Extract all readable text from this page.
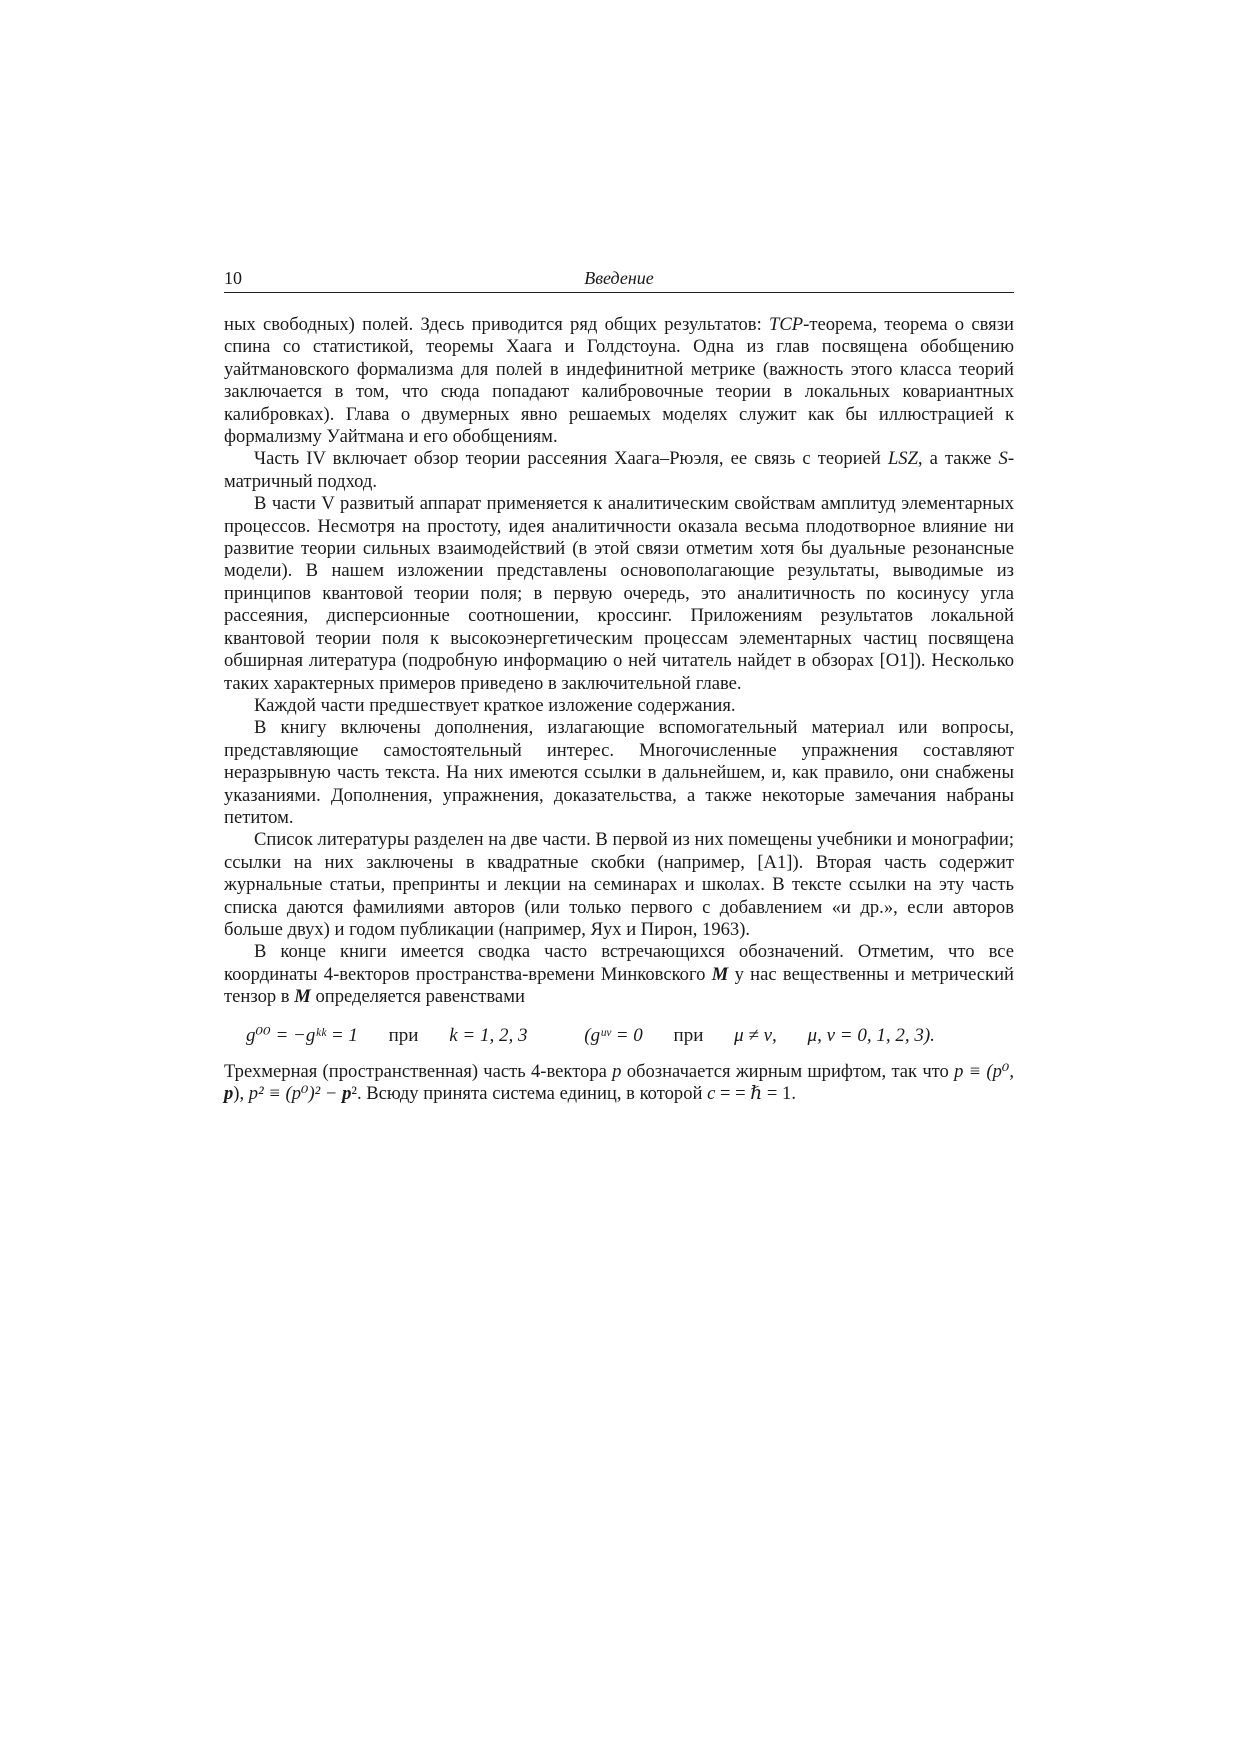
10	Введение

ных свободных) полей. Здесь приводится ряд общих результатов: TCP-теорема, теорема о связи спина со статистикой, теоремы Хаага и Голдстоуна. Одна из глав посвящена обобщению уайтмановского формализма для полей в индефинитной метрике (важность этого класса теорий заключается в том, что сюда попадают калибровочные теории в локальных ковариантных калибровках). Глава о двумерных явно решаемых моделях служит как бы иллюстрацией к формализму Уайтмана и его обобщениям.

Часть IV включает обзор теории рассеяния Хаага–Рюэля, ее связь с теорией LSZ, а также S-матричный подход.

В части V развитый аппарат применяется к аналитическим свойствам амплитуд элементарных процессов. Несмотря на простоту, идея аналитичности оказала весьма плодотворное влияние ни развитие теории сильных взаимодействий (в этой связи отметим хотя бы дуальные резонансные модели). В нашем изложении представлены основополагающие результаты, выводимые из принципов квантовой теории поля; в первую очередь, это аналитичность по косинусу угла рассеяния, дисперсионные соотношении, кроссинг. Приложениям результатов локальной квантовой теории поля к высокоэнергетическим процессам элементарных частиц посвящена обширная литература (подробную информацию о ней читатель найдет в обзорах [O1]). Несколько таких характерных примеров приведено в заключительной главе.

Каждой части предшествует краткое изложение содержания.

В книгу включены дополнения, излагающие вспомогательный материал или вопросы, представляющие самостоятельный интерес. Многочисленные упражнения составляют неразрывную часть текста. На них имеются ссылки в дальнейшем, и, как правило, они снабжены указаниями. Дополнения, упражнения, доказательства, а также некоторые замечания набраны петитом.

Список литературы разделен на две части. В первой из них помещены учебники и монографии; ссылки на них заключены в квадратные скобки (например, [A1]). Вторая часть содержит журнальные статьи, препринты и лекции на семинарах и школах. В тексте ссылки на эту часть списка даются фамилиями авторов (или только первого с добавлением «и др.», если авторов больше двух) и годом публикации (например, Яух и Пирон, 1963).

В конце книги имеется сводка часто встречающихся обозначений. Отметим, что все координаты 4-векторов пространства-времени Минковского M у нас вещественны и метрический тензор в M определяется равенствами

g⁰⁰ = −gᵏᵏ = 1 при k = 1, 2, 3	(gᵘᵛ = 0 при μ ≠ ν, μ, ν = 0, 1, 2, 3).

Трехмерная (пространственная) часть 4-вектора p обозначается жирным шрифтом, так что p ≡ (p⁰, p), p² ≡ (p⁰)² − p². Всюду принята система единиц, в которой c = = ℏ = 1.
